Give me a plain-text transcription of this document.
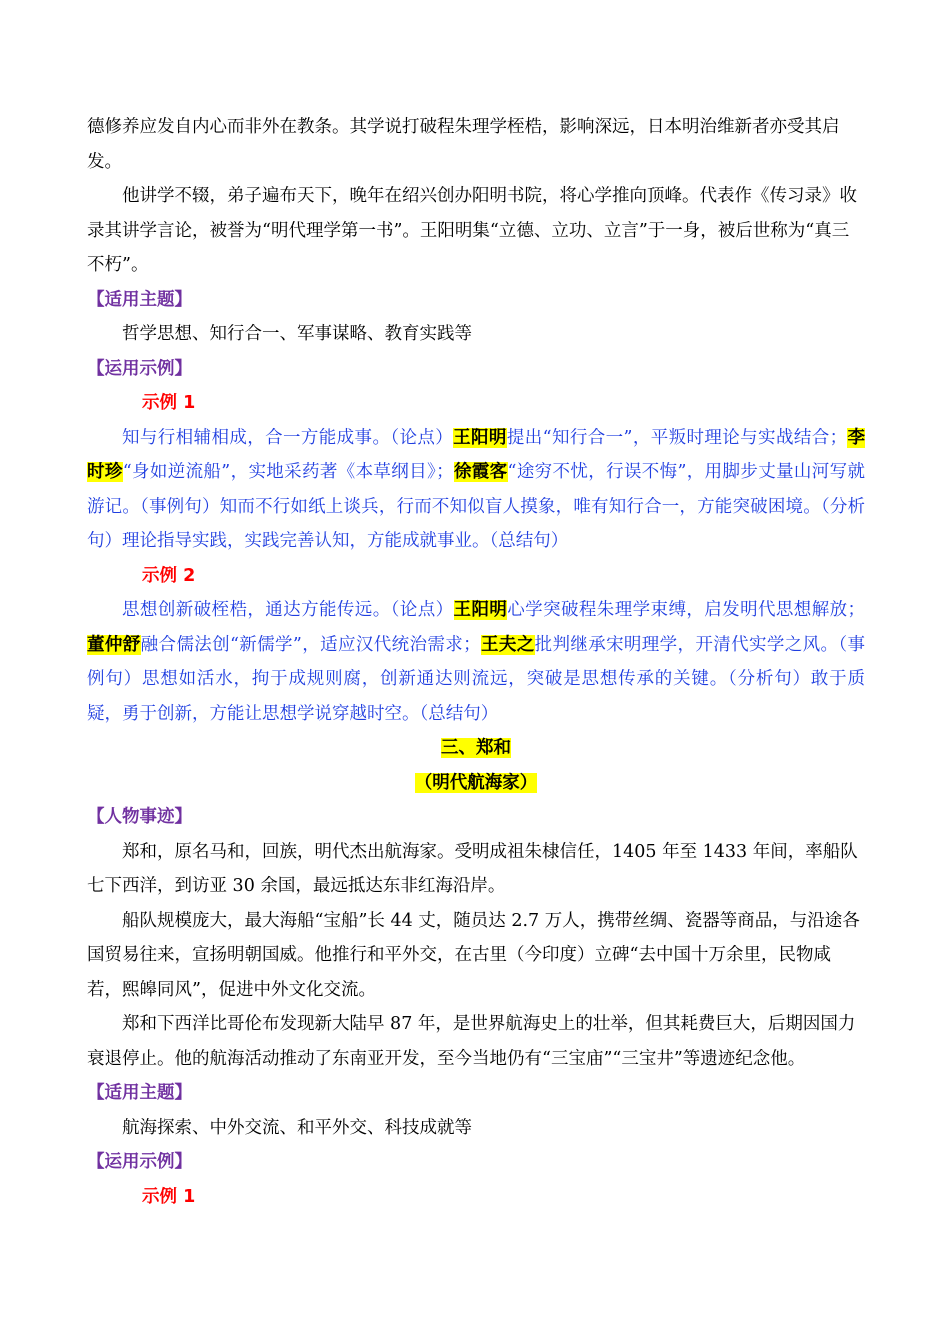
德修养应发自内心而非外在教条。其学说打破程朱理学桎梏，影响深远，日本明治维新者亦受其启发。

他讲学不辍，弟子遍布天下，晚年在绍兴创办阳明书院，将心学推向顶峰。代表作《传习录》收录其讲学言论，被誉为“明代理学第一书”。王阳明集“立德、立功、立言”于一身，被后世称为“真三不朽”。

【适用主题】

哲学思想、知行合一、军事谋略、教育实践等

【运用示例】

示例 1

知与行相辅相成，合一方能成事。（论点）王阳明提出“知行合一”，平叛时理论与实战结合；李时珍“身如逆流船”，实地采药著《本草纲目》；徐霞客“途穷不忧，行误不悔”，用脚步丈量山河写就游记。（事例句）知而不行如纸上谈兵，行而不知似盲人摸象，唯有知行合一，方能突破困境。（分析句）理论指导实践，实践完善认知，方能成就事业。（总结句）

示例 2

思想创新破桎梏，通达方能传远。（论点）王阳明心学突破程朱理学束缚，启发明代思想解放；董仲舒融合儒法创“新儒学”，适应汉代统治需求；王夫之批判继承宋明理学，开清代实学之风。（事例句）思想如活水，拘于成规则腐，创新通达则流远，突破是思想传承的关键。（分析句）敢于质疑，勇于创新，方能让思想学说穿越时空。（总结句）

三、郑和

（明代航海家）

【人物事迹】

郑和，原名马和，回族，明代杰出航海家。受明成祖朱棣信任，1405 年至 1433 年间，率船队七下西洋，到访亚 30 余国，最远抵达东非红海沿岸。

船队规模庞大，最大海船“宝船”长 44 丈，随员达 2.7 万人，携带丝绸、瓷器等商品，与沿途各国贸易往来，宣扬明朝国威。他推行和平外交，在古里（今印度）立碑“去中国十万余里，民物咸若，熙皞同风”，促进中外文化交流。

郑和下西洋比哥伦布发现新大陆早 87 年，是世界航海史上的壮举，但其耗费巨大，后期因国力衰退停止。他的航海活动推动了东南亚开发，至今当地仍有“三宝庙”“三宝井”等遗迹纪念他。

【适用主题】

航海探索、中外交流、和平外交、科技成就等

【运用示例】

示例 1
